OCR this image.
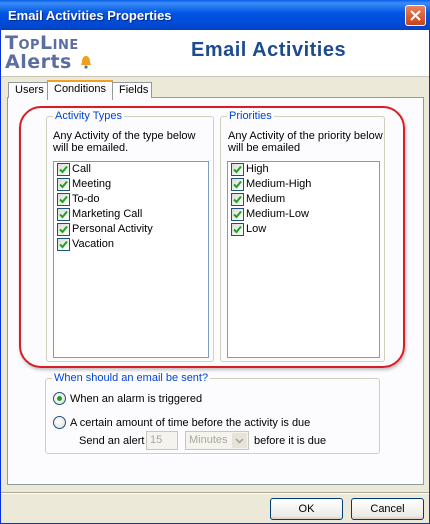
Email Activities Properties
TopLine
Alerts
Email Activities
Users Conditions	Fields
Activity Types
Any Activity of the type below will be emailed.
Call
Meeting
To-do
Marketing Call
Personal Activity
Vacation
Priorities
Any Activity of the priority below will be emailed
High
Medium-High
Medium
Medium-Low
Low
When should an email be sent?
When an alarm is triggered
A certain amount of time before the activity is due
Send an alert 15	Minutes	before it is due
OK	Cancel
